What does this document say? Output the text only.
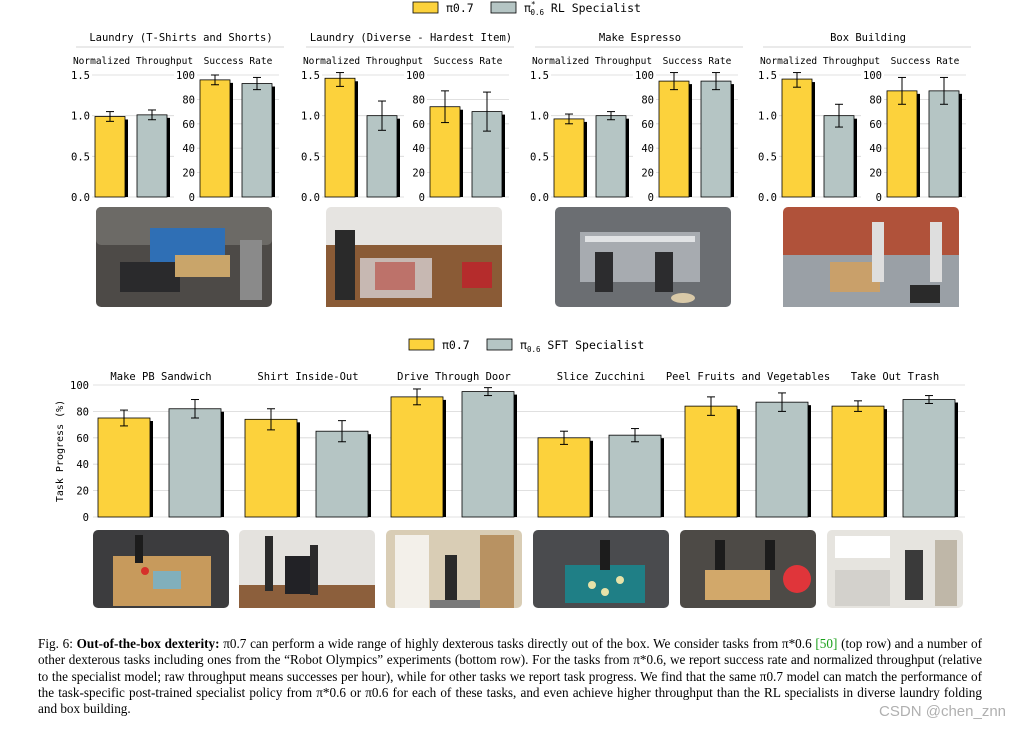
π0.7	π* 0.6 RL Specialist
π0.7	$\pi_{0.6}$ SFT Specialist
Laundry (T-Shirts and Shorts)
Normalized Throughput
0.0
0.5
1.0
1.5
Success Rate
0
20
40
60
80
100
Laundry (Diverse - Hardest Item)
Normalized Throughput
0.0
0.5
1.0
1.5
Success Rate
0
20
40
60
80
100
Make Espresso
Normalized Throughput
0.0
0.5
1.0
1.5
Success Rate
0
20
40
60
80
100
Box Building
Normalized Throughput
0.0
0.5
1.0
1.5
Success Rate
0
20
40
60
80
100
0
20
40
60
80
100
Task Progress (%)
Make PB Sandwich	Shirt Inside-Out	Drive Through Door	Slice Zucchini Peel Fruits and Vegetables Take Out Trash
Fig. 6: Out-of-the-box dexterity: π0.7 can perform a wide range of highly dexterous tasks directly out of the box. We consider tasks from π*0.6 [50] (top row) and a number of other dexterous tasks including ones from the “Robot Olympics” experiments (bottom row). For the tasks from π*0.6, we report success rate and normalized throughput (relative to the specialist model; raw throughput means successes per hour), while for other tasks we report task progress. We find that the same π0.7 model can match the performance of the task-specific post-trained specialist policy from π*0.6 or π0.6 for each of these tasks, and even achieve higher throughput than the RL specialists in diverse laundry folding and box building.	CSDN @chen_znn
